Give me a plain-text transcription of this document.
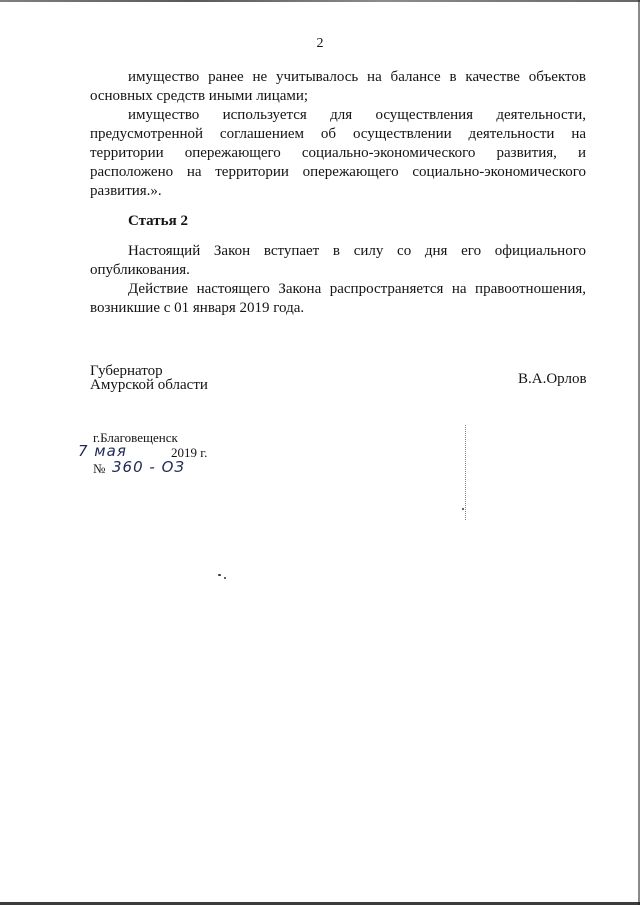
2
имущество ранее не учитывалось на балансе в качестве объектов
основных средств иными лицами;
имущество используется для осуществления деятельности,
предусмотренной соглашением об осуществлении деятельности на
территории опережающего социально-экономического развития, и
расположено на территории опережающего социально-экономического
развития.».
Статья 2
Настоящий Закон вступает в силу со дня его официального
опубликования.
Действие настоящего Закона распространяется на правоотношения,
возникшие с 01 января 2019 года.
Губернатор
Амурской области	В.А.Орлов
г.Благовещенск
7 мая	2019 г.
№ 360 - ОЗ
